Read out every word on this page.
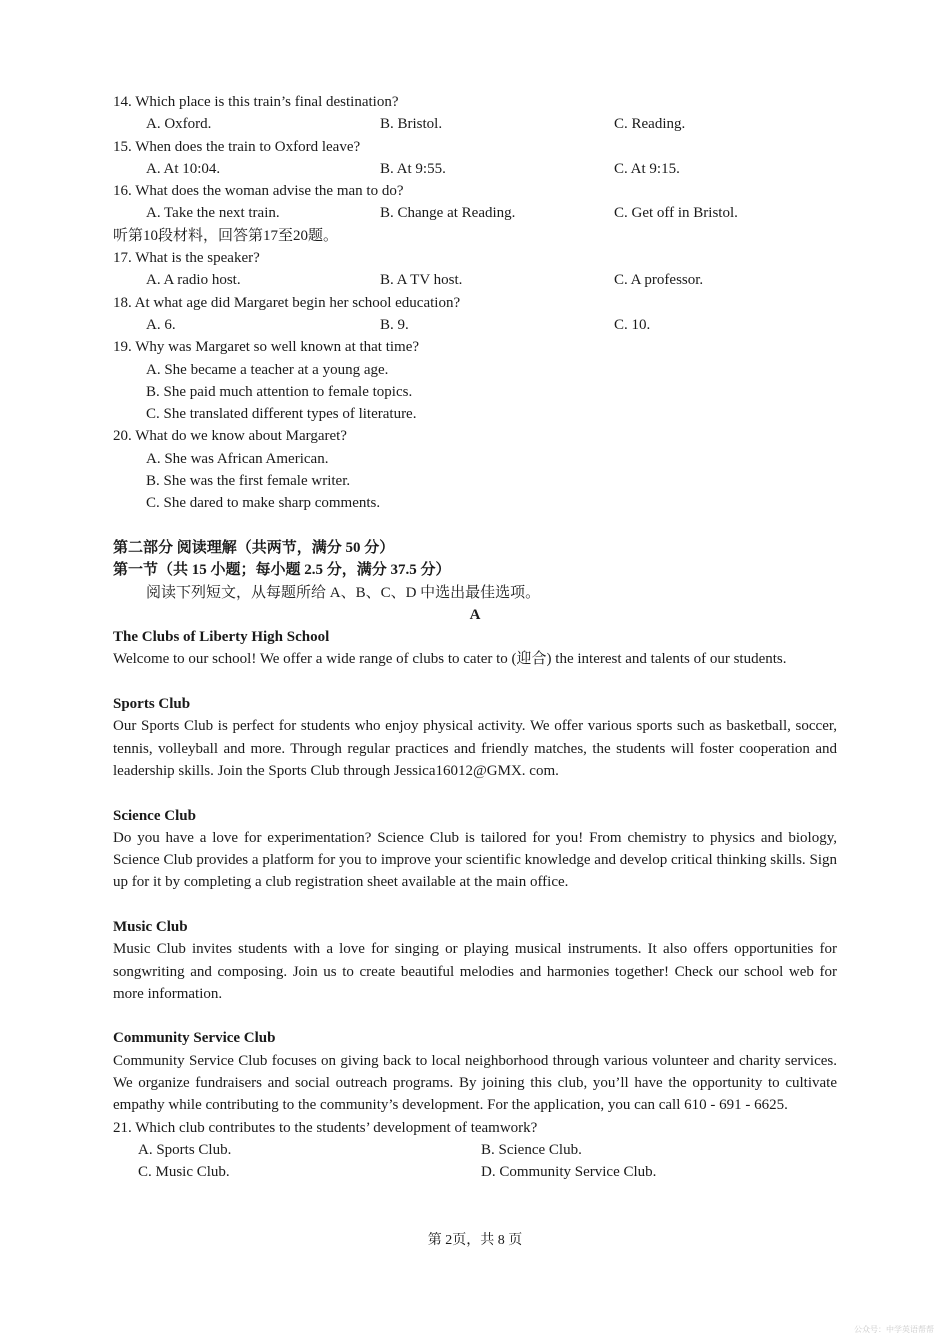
14. Which place is this train’s final destination?
A. Oxford.	B. Bristol.	C. Reading.
15. When does the train to Oxford leave?
A. At 10:04.	B. At 9:55.	C. At 9:15.
16. What does the woman advise the man to do?
A. Take the next train.	B. Change at Reading.	C. Get off in Bristol.
听第10段材料，回答第17至20题。
17. What is the speaker?
A. A radio host.	B. A TV host.	C. A professor.
18. At what age did Margaret begin her school education?
A. 6.	B. 9.	C. 10.
19. Why was Margaret so well known at that time?
A. She became a teacher at a young age.
B. She paid much attention to female topics.
C. She translated different types of literature.
20. What do we know about Margaret?
A. She was African American.
B. She was the first female writer.
C. She dared to make sharp comments.
第二部分 阅读理解（共两节，满分 50 分）
第一节（共 15 小题；每小题 2.5 分，满分 37.5 分）
阅读下列短文，从每题所给 A、B、C、D 中选出最佳选项。
A
The Clubs of Liberty High School
Welcome to our school! We offer a wide range of clubs to cater to (迎合) the interest and talents of our students.
Sports Club
Our Sports Club is perfect for students who enjoy physical activity. We offer various sports such as basketball, soccer, tennis, volleyball and more. Through regular practices and friendly matches, the students will foster cooperation and leadership skills. Join the Sports Club through Jessica16012@GMX. com.
Science Club
Do you have a love for experimentation? Science Club is tailored for you! From chemistry to physics and biology, Science Club provides a platform for you to improve your scientific knowledge and develop critical thinking skills. Sign up for it by completing a club registration sheet available at the main office.
Music Club
Music Club invites students with a love for singing or playing musical instruments. It also offers opportunities for songwriting and composing. Join us to create beautiful melodies and harmonies together! Check our school web for more information.
Community Service Club
Community Service Club focuses on giving back to local neighborhood through various volunteer and charity services. We organize fundraisers and social outreach programs. By joining this club, you’ll have the opportunity to cultivate empathy while contributing to the community’s development. For the application, you can call 610 - 691 - 6625.
21. Which club contributes to the students’ development of teamwork?
A. Sports Club.	B. Science Club.
C. Music Club.	D. Community Service Club.
第 2页，共 8 页
公众号：中学英语帮帮
